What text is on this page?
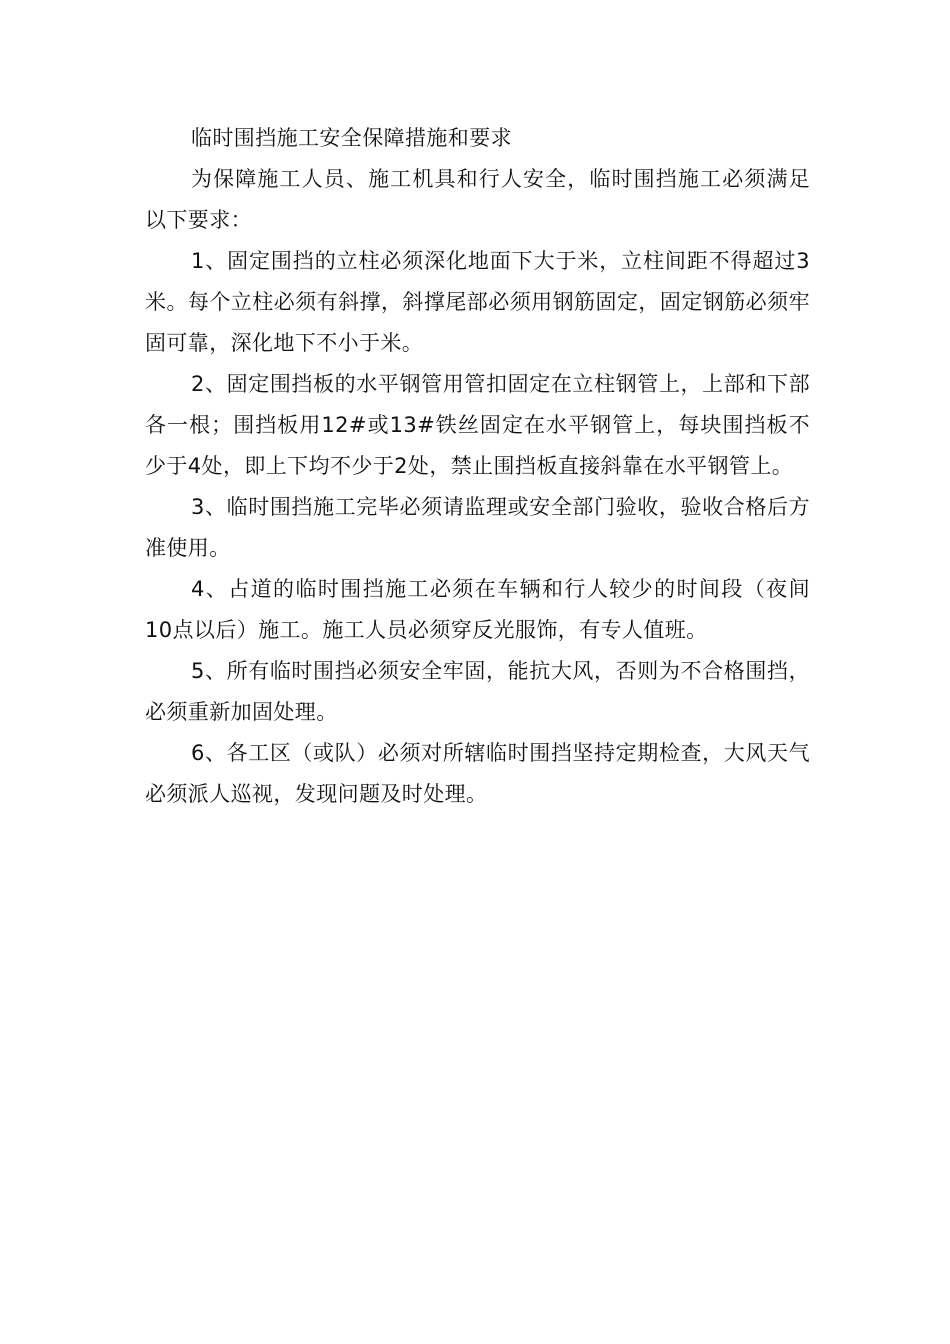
临时围挡施工安全保障措施和要求

为保障施工人员、施工机具和行人安全，临时围挡施工必须满足以下要求：

1、固定围挡的立柱必须深化地面下大于米，立柱间距不得超过3米。每个立柱必须有斜撑，斜撑尾部必须用钢筋固定，固定钢筋必须牢固可靠，深化地下不小于米。

2、固定围挡板的水平钢管用管扣固定在立柱钢管上，上部和下部各一根；围挡板用12#或13#铁丝固定在水平钢管上，每块围挡板不少于4处，即上下均不少于2处，禁止围挡板直接斜靠在水平钢管上。

3、临时围挡施工完毕必须请监理或安全部门验收，验收合格后方准使用。

4、占道的临时围挡施工必须在车辆和行人较少的时间段（夜间10点以后）施工。施工人员必须穿反光服饰，有专人值班。

5、所有临时围挡必须安全牢固，能抗大风，否则为不合格围挡，必须重新加固处理。

6、各工区（或队）必须对所辖临时围挡坚持定期检查，大风天气必须派人巡视，发现问题及时处理。
